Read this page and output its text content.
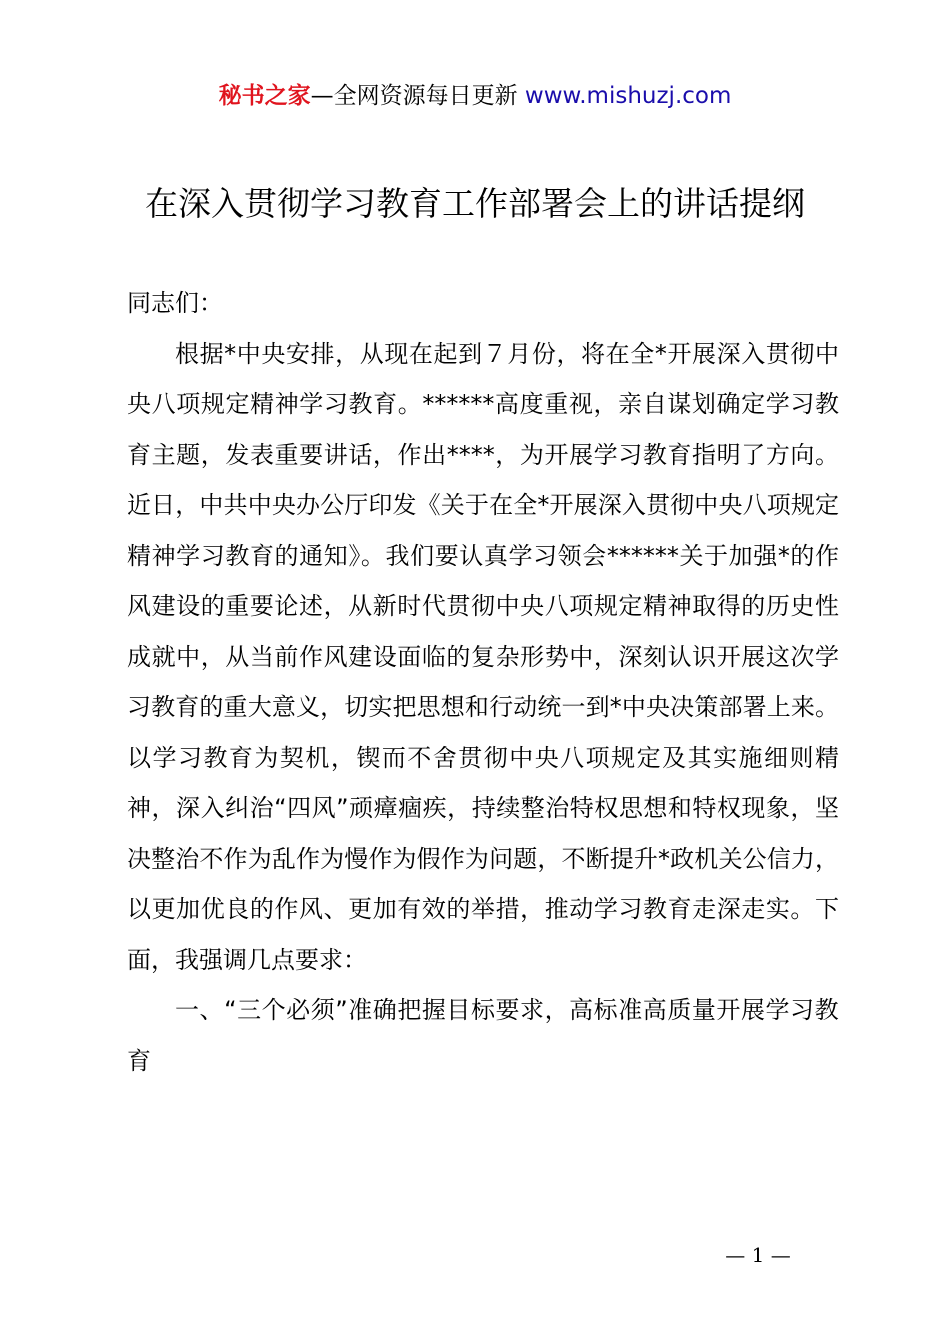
秘书之家—全网资源每日更新 www.mishuzj.com
在深入贯彻学习教育工作部署会上的讲话提纲

同志们：

根据*中央安排，从现在起到７月份，将在全*开展深入贯彻中央八项规定精神学习教育。******高度重视，亲自谋划确定学习教育主题，发表重要讲话，作出****，为开展学习教育指明了方向。近日，中共中央办公厅印发《关于在全*开展深入贯彻中央八项规定精神学习教育的通知》。我们要认真学习领会******关于加强*的作风建设的重要论述，从新时代贯彻中央八项规定精神取得的历史性成就中，从当前作风建设面临的复杂形势中，深刻认识开展这次学习教育的重大意义，切实把思想和行动统一到*中央决策部署上来。以学习教育为契机，锲而不舍贯彻中央八项规定及其实施细则精神，深入纠治“四风”顽瘴痼疾，持续整治特权思想和特权现象，坚决整治不作为乱作为慢作为假作为问题，不断提升*政机关公信力，以更加优良的作风、更加有效的举措，推动学习教育走深走实。下面，我强调几点要求：

一、“三个必须”准确把握目标要求，高标准高质量开展学习教育

— 1 —
